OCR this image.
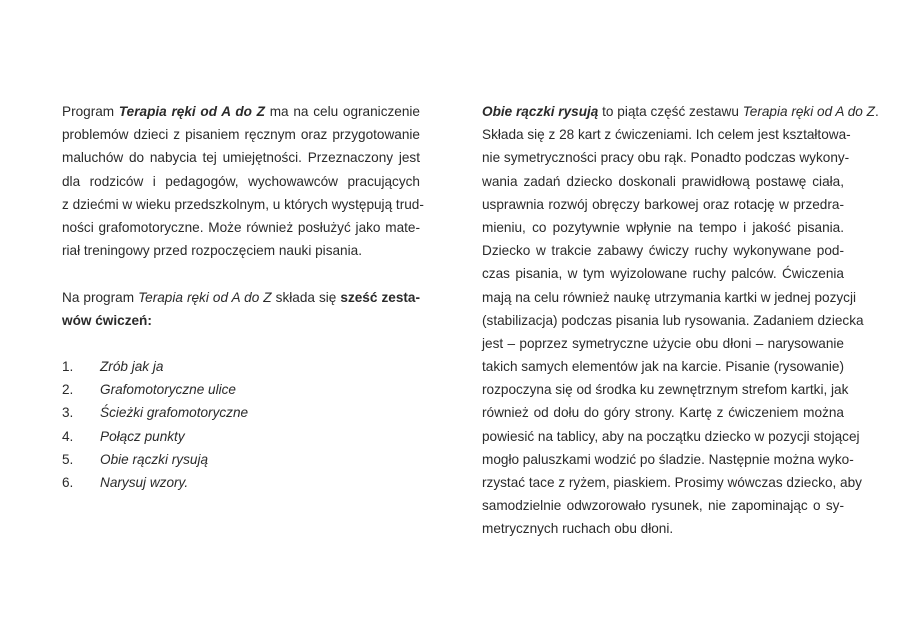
Program Terapia ręki od A do Z ma na celu ograniczenie
problemów dzieci z pisaniem ręcznym oraz przygotowanie
maluchów do nabycia tej umiejętności. Przeznaczony jest
dla rodziców i pedagogów, wychowawców pracujących
z dziećmi w wieku przedszkolnym, u których występują trud-
ności grafomotoryczne. Może również posłużyć jako mate-
riał treningowy przed rozpoczęciem nauki pisania.
Na program Terapia ręki od A do Z składa się sześć zesta-
wów ćwiczeń:
1.	Zrób jak ja
2.	Grafomotoryczne ulice
3.	Ścieżki grafomotoryczne
4.	Połącz punkty
5.	Obie rączki rysują
6.	Narysuj wzory.
Obie rączki rysują to piąta część zestawu Terapia ręki od A do Z.
Składa się z 28 kart z ćwiczeniami. Ich celem jest kształtowa-
nie symetryczności pracy obu rąk. Ponadto podczas wykony-
wania zadań dziecko doskonali prawidłową postawę ciała,
usprawnia rozwój obręczy barkowej oraz rotację w przedra-
mieniu, co pozytywnie wpłynie na tempo i jakość pisania.
Dziecko w trakcie zabawy ćwiczy ruchy wykonywane pod-
czas pisania, w tym wyizolowane ruchy palców. Ćwiczenia
mają na celu również naukę utrzymania kartki w jednej pozycji
(stabilizacja) podczas pisania lub rysowania. Zadaniem dziecka
jest – poprzez symetryczne użycie obu dłoni – narysowanie
takich samych elementów jak na karcie. Pisanie (rysowanie)
rozpoczyna się od środka ku zewnętrznym strefom kartki, jak
również od dołu do góry strony. Kartę z ćwiczeniem można
powiesić na tablicy, aby na początku dziecko w pozycji stojącej
mogło paluszkami wodzić po śladzie. Następnie można wyko-
rzystać tace z ryżem, piaskiem. Prosimy wówczas dziecko, aby
samodzielnie odwzorowało rysunek, nie zapominając o sy-
metrycznych ruchach obu dłoni.
